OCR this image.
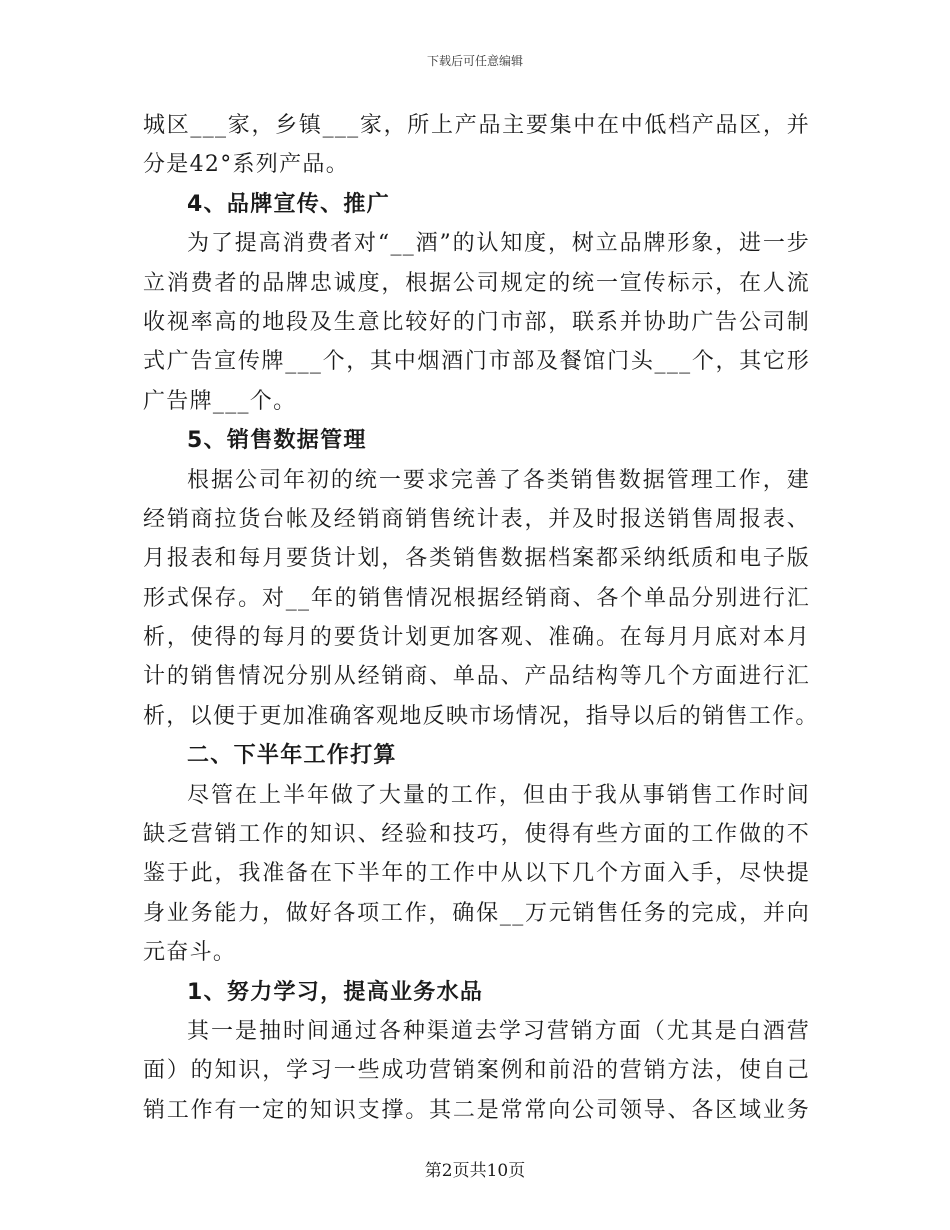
下载后可任意编辑
城区___家，乡镇___家，所上产品主要集中在中低档产品区，并
分是42°系列产品。
4、品牌宣传、推广
为了提高消费者对“__酒”的认知度，树立品牌形象，进一步
立消费者的品牌忠诚度，根据公司规定的统一宣传标示，在人流
收视率高的地段及生意比较好的门市部，联系并协助广告公司制
式广告宣传牌___个，其中烟酒门市部及餐馆门头___个，其它形
广告牌___个。
5、销售数据管理
根据公司年初的统一要求完善了各类销售数据管理工作，建
经销商拉货台帐及经销商销售统计表，并及时报送销售周报表、
月报表和每月要货计划，各类销售数据档案都采纳纸质和电子版
形式保存。对__年的销售情况根据经销商、各个单品分别进行汇
析，使得的每月的要货计划更加客观、准确。在每月月底对本月
计的销售情况分别从经销商、单品、产品结构等几个方面进行汇
析，以便于更加准确客观地反映市场情况，指导以后的销售工作。
二、下半年工作打算
尽管在上半年做了大量的工作，但由于我从事销售工作时间
缺乏营销工作的知识、经验和技巧，使得有些方面的工作做的不
鉴于此，我准备在下半年的工作中从以下几个方面入手，尽快提
身业务能力，做好各项工作，确保__万元销售任务的完成，并向
元奋斗。
1、努力学习，提高业务水品
其一是抽时间通过各种渠道去学习营销方面（尤其是白酒营
面）的知识，学习一些成功营销案例和前沿的营销方法，使自己
销工作有一定的知识支撑。其二是常常向公司领导、各区域业务
第2页共10页
